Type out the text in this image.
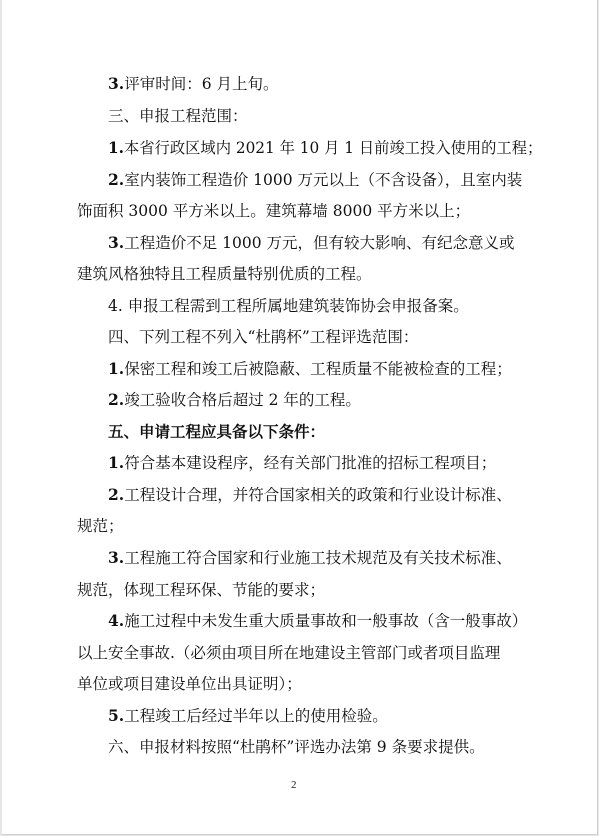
3.评审时间：6 月上旬。
三、申报工程范围：
1.本省行政区域内 2021 年 10 月 1 日前竣工投入使用的工程；
2.室内装饰工程造价 1000 万元以上（不含设备），且室内装
饰面积 3000 平方米以上。建筑幕墙 8000 平方米以上；
3.工程造价不足 1000 万元，但有较大影响、有纪念意义或
建筑风格独特且工程质量特别优质的工程。
4. 申报工程需到工程所属地建筑装饰协会申报备案。
四、下列工程不列入“杜鹃杯”工程评选范围：
1.保密工程和竣工后被隐蔽、工程质量不能被检查的工程；
2.竣工验收合格后超过 2 年的工程。
五、申请工程应具备以下条件：
1.符合基本建设程序，经有关部门批准的招标工程项目；
2.工程设计合理，并符合国家相关的政策和行业设计标准、
规范；
3.工程施工符合国家和行业施工技术规范及有关技术标准、
规范，体现工程环保、节能的要求；
4.施工过程中未发生重大质量事故和一般事故（含一般事故）
以上安全事故.（必须由项目所在地建设主管部门或者项目监理
单位或项目建设单位出具证明）；
5.工程竣工后经过半年以上的使用检验。
六、申报材料按照“杜鹃杯”评选办法第 9 条要求提供。
2
